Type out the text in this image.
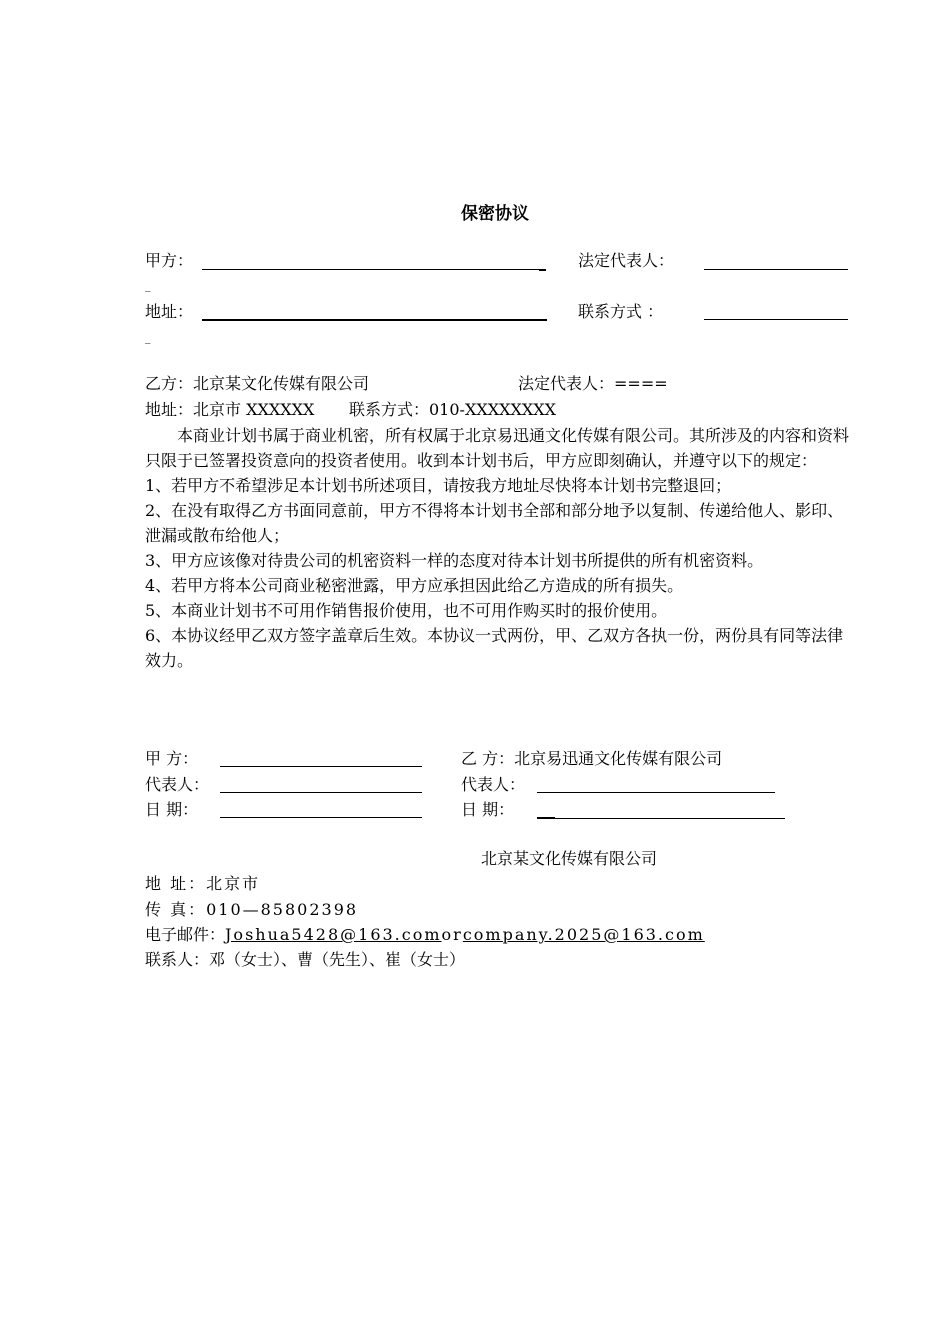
保密协议
甲方：	法定代表人：
_
地址：	联系方式 ：
_
乙方：北京某文化传媒有限公司	法定代表人：====
地址：北京市 XXXXXX 联系方式：010-XXXXXXXX

本商业计划书属于商业机密，所有权属于北京易迅通文化传媒有限公司。其所涉及的内容和资料只限于已签署投资意向的投资者使用。收到本计划书后，甲方应即刻确认，并遵守以下的规定：

1、若甲方不希望涉足本计划书所述项目，请按我方地址尽快将本计划书完整退回；

2、在没有取得乙方书面同意前，甲方不得将本计划书全部和部分地予以复制、传递给他人、影印、泄漏或散布给他人；

3、甲方应该像对待贵公司的机密资料一样的态度对待本计划书所提供的所有机密资料。

4、若甲方将本公司商业秘密泄露，甲方应承担因此给乙方造成的所有损失。

5、本商业计划书不可用作销售报价使用，也不可用作购买时的报价使用。

6、本协议经甲乙双方签字盖章后生效。本协议一式两份，甲、乙双方各执一份，两份具有同等法律效力。

甲 方：	乙 方：北京易迅通文化传媒有限公司
代表人：	代表人：
日 期：	日 期：
北京某文化传媒有限公司
地 址：北京市
传 真：010—85802398
电子邮件：Joshua5428@163.comorcompany.2025@163.com
联系人：邓（女士）、曹（先生）、崔（女士）
